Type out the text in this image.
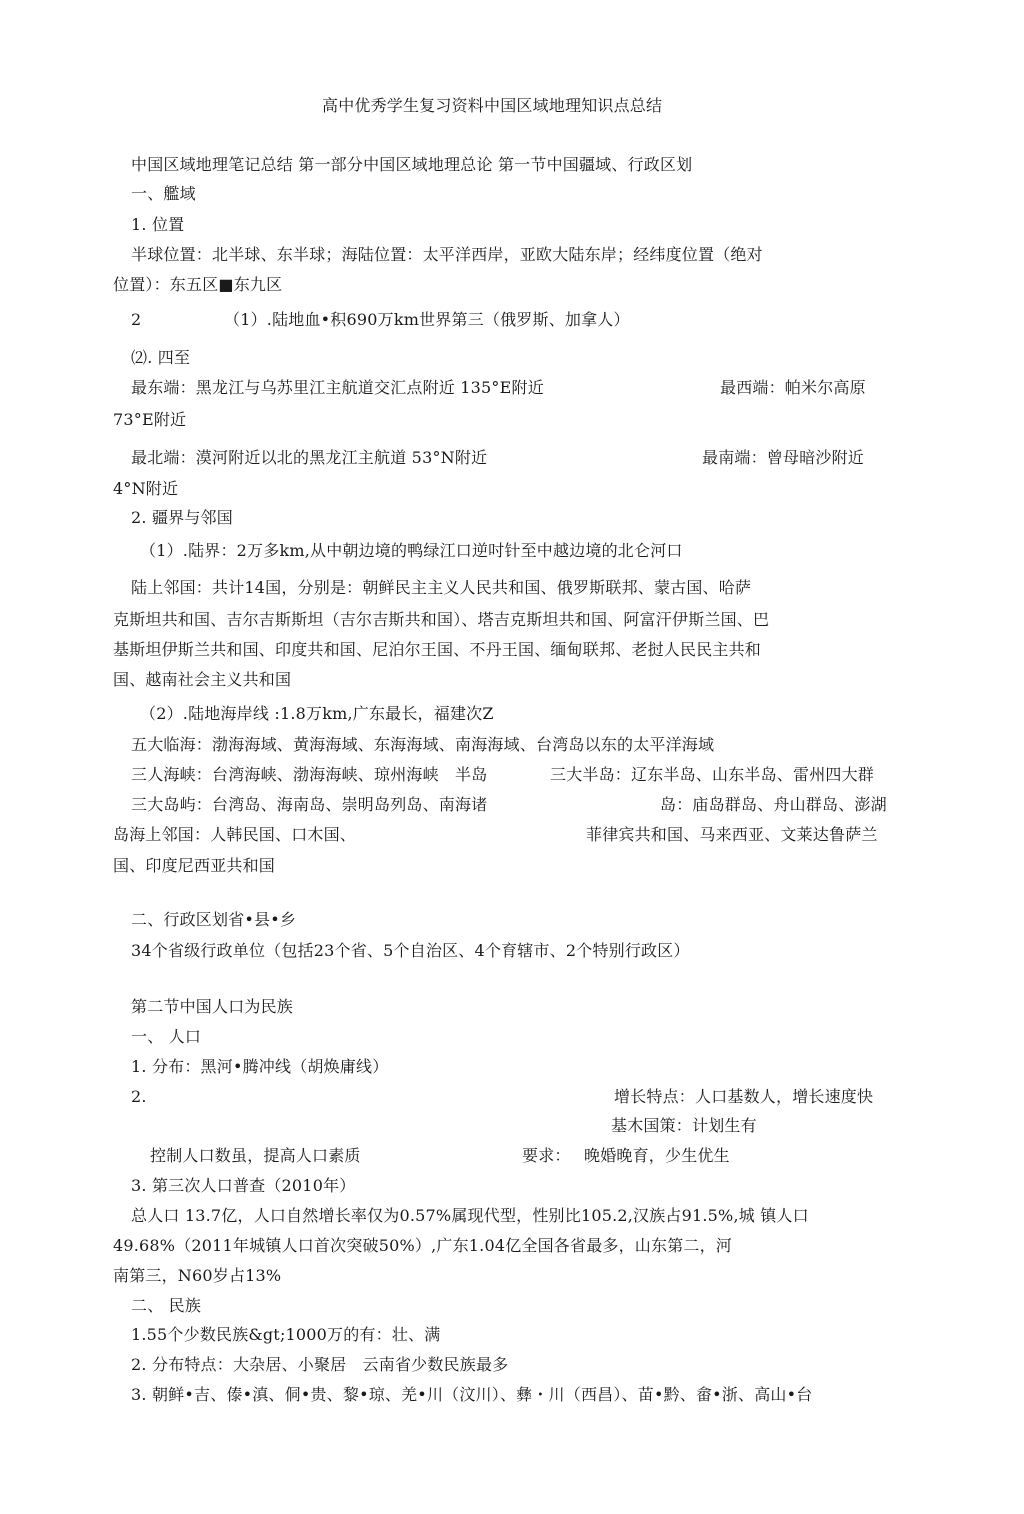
高中优秀学生复习资料中国区域地理知识点总结
中国区域地理笔记总结 第一部分中国区域地理总论 第一节中国疆域、行政区划
一、艦域
1. 位置
半球位置：北半球、东半球；海陆位置：太平洋西岸，亚欧大陆东岸；经纬度位置（绝对
位置）：东五区■东九区
2	（1）.陆地血•积690万km世界第三（俄罗斯、加拿人）
⑵. 四至
最东端：黑龙江与乌苏里江主航道交汇点附近 135°E附近	最西端：帕米尔高原
73°E附近
最北端：漠河附近以北的黑龙江主航道 53°N附近	最南端：曾母暗沙附近
4°N附近
2. 疆界与邻国
（1）.陆界：2万多km,从中朝边境的鸭绿江口逆吋针至中越边境的北仑河口
陆上邻国：共计14国，分别是：朝鲜民主主义人民共和国、俄罗斯联邦、蒙古国、哈萨
克斯坦共和国、吉尔吉斯斯坦（吉尔吉斯共和国）、塔吉克斯坦共和国、阿富汗伊斯兰国、巴
基斯坦伊斯兰共和国、印度共和国、尼泊尔王国、不丹王国、缅甸联邦、老挝人民民主共和
国、越南社会主义共和国
（2）.陆地海岸线 :1.8万km,广东最长，福建次Z
五大临海：渤海海域、黄海海域、东海海域、南海海域、台湾岛以东的太平洋海域
三人海峡：台湾海峡、渤海海峡、琼州海峡　半岛	三大半岛：辽东半岛、山东半岛、雷州四大群
三大岛屿：台湾岛、海南岛、崇明岛列岛、南海诸	岛：庙岛群岛、舟山群岛、澎湖
岛海上邻国：人韩民国、口木国、	菲律宾共和国、马来西亚、文莱达鲁萨兰
国、印度尼西亚共和国
二、行政区划省•县•乡
34个省级行政单位（包括23个省、5个自治区、4个育辖市、2个特别行政区）
第二节中国人口为民族
一、 人口
1. 分布：黑河•腾冲线（胡焕庸线）
2.	增长特点：人口基数人，增长速度快
基木国策：计划生有
控制人口数虽，提高人口素质	要求： 晚婚晚育，少生优生
3. 第三次人口普查（2010年）
总人口 13.7亿，人口自然增长率仅为0.57%属现代型，性别比105.2,汉族占91.5%,城 镇人口
49.68%（2011年城镇人口首次突破50%）,广东1.04亿全国各省最多，山东第二，河
南第三，N60岁占13%
二、 民族
1.55个少数民族&gt;1000万的有：壮、满
2. 分布特点：大杂居、小聚居　云南省少数民族最多
3. 朝鲜•吉、傣•滇、侗•贵、黎•琼、羌•川（汶川）、彝・川（西昌）、苗•黔、畲•浙、高山•台
